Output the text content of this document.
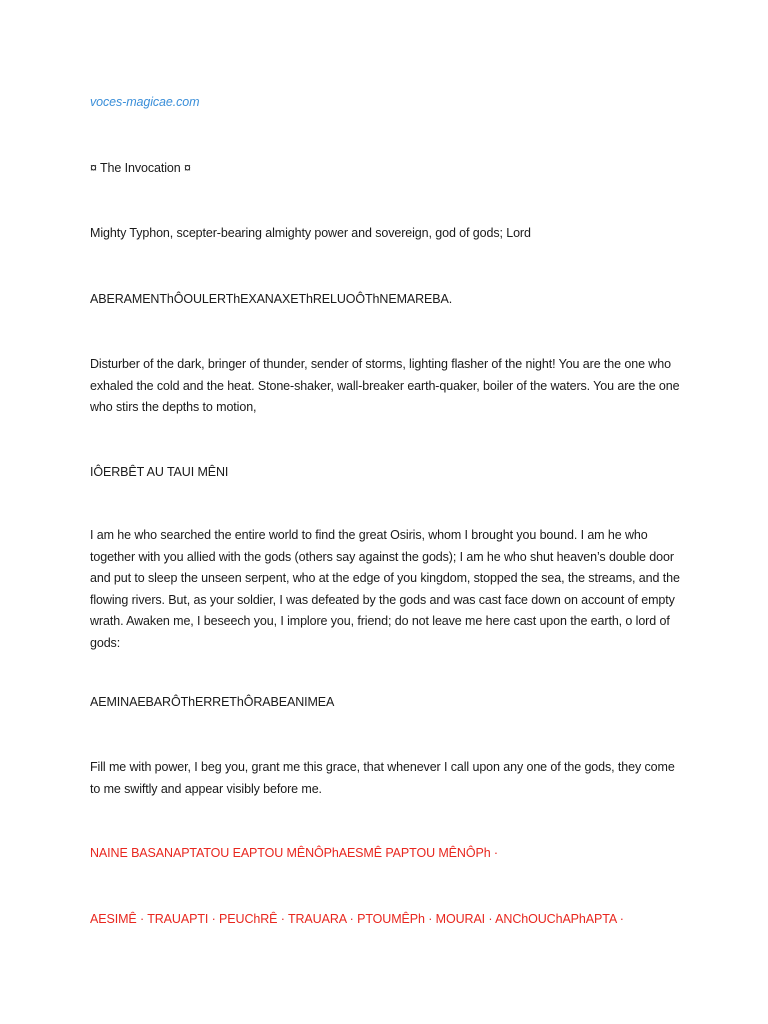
voces-magicae.com

¤ The Invocation ¤

Mighty Typhon, scepter-bearing almighty power and sovereign, god of gods; Lord

ABERAMENThÔOULERThEXANAXEThRELUOÔThNEMAREBA.

Disturber of the dark, bringer of thunder, sender of storms, lighting flasher of the night! You are the one who exhaled the cold and the heat. Stone-shaker, wall-breaker earth-quaker, boiler of the waters. You are the one who stirs the depths to motion,

IÔERBÊT AU TAUI MÊNI

I am he who searched the entire world to find the great Osiris, whom I brought you bound. I am he who together with you allied with the gods (others say against the gods); I am he who shut heaven’s double door and put to sleep the unseen serpent, who at the edge of you kingdom, stopped the sea, the streams, and the flowing rivers. But, as your soldier, I was defeated by the gods and was cast face down on account of empty wrath. Awaken me, I beseech you, I implore you, friend; do not leave me here cast upon the earth, o lord of gods:

AEMINAEBARÔThERREThÔRABEANIMEA

Fill me with power, I beg you, grant me this grace, that whenever I call upon any one of the gods, they come to me swiftly and appear visibly before me.

NAINE BASANAPTATOU EAPTOU MÊNÔPhAESMÊ PAPTOU MÊNÔPh ·

AESIMÊ · TRAUAPTI · PEUChRÊ · TRAUARA · PTOUMÊPh · MOURAI · ANChOUChAPhAPTA ·
